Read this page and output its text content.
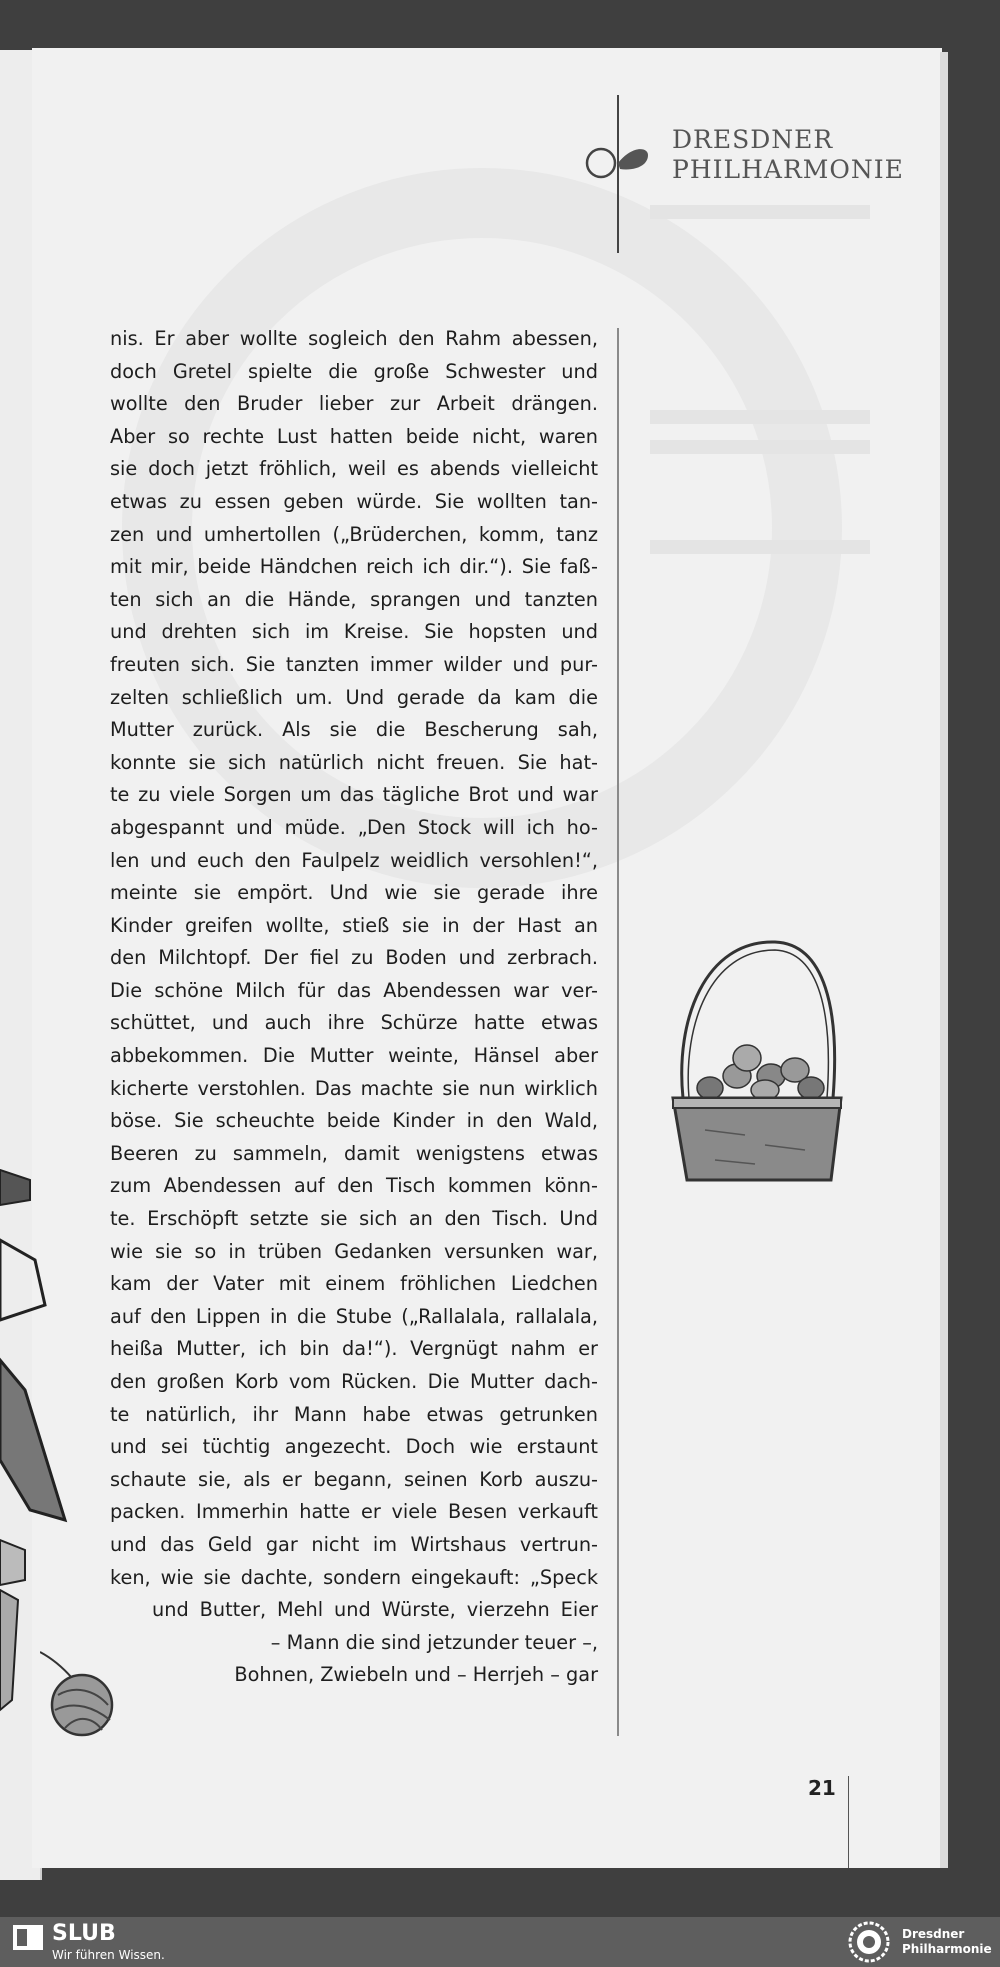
DRESDNER
PHILHARMONIE
nis. Er aber wollte sogleich den Rahm abessen,
doch Gretel spielte die große Schwester und
wollte den Bruder lieber zur Arbeit drängen.
Aber so rechte Lust hatten beide nicht, waren
sie doch jetzt fröhlich, weil es abends vielleicht
etwas zu essen geben würde. Sie wollten tan-
zen und umhertollen („Brüderchen, komm, tanz
mit mir, beide Händchen reich ich dir.“). Sie faß-
ten sich an die Hände, sprangen und tanzten
und drehten sich im Kreise. Sie hopsten und
freuten sich. Sie tanzten immer wilder und pur-
zelten schließlich um. Und gerade da kam die
Mutter zurück. Als sie die Bescherung sah,
konnte sie sich natürlich nicht freuen. Sie hat-
te zu viele Sorgen um das tägliche Brot und war
abgespannt und müde. „Den Stock will ich ho-
len und euch den Faulpelz weidlich versohlen!“,
meinte sie empört. Und wie sie gerade ihre
Kinder greifen wollte, stieß sie in der Hast an
den Milchtopf. Der fiel zu Boden und zerbrach.
Die schöne Milch für das Abendessen war ver-
schüttet, und auch ihre Schürze hatte etwas
abbekommen. Die Mutter weinte, Hänsel aber
kicherte verstohlen. Das machte sie nun wirklich
böse. Sie scheuchte beide Kinder in den Wald,
Beeren zu sammeln, damit wenigstens etwas
zum Abendessen auf den Tisch kommen könn-
te. Erschöpft setzte sie sich an den Tisch. Und
wie sie so in trüben Gedanken versunken war,
kam der Vater mit einem fröhlichen Liedchen
auf den Lippen in die Stube („Rallalala, rallalala,
heißa Mutter, ich bin da!“). Vergnügt nahm er
den großen Korb vom Rücken. Die Mutter dach-
te natürlich, ihr Mann habe etwas getrunken
und sei tüchtig angezecht. Doch wie erstaunt
schaute sie, als er begann, seinen Korb auszu-
packen. Immerhin hatte er viele Besen verkauft
und das Geld gar nicht im Wirtshaus vertrun-
ken, wie sie dachte, sondern eingekauft: „Speck
und Butter, Mehl und Würste, vierzehn Eier
– Mann die sind jetzunder teuer –,
Bohnen, Zwiebeln und – Herrjeh – gar
21
SLUB
Wir führen Wissen.
Dresdner
Philharmonie
